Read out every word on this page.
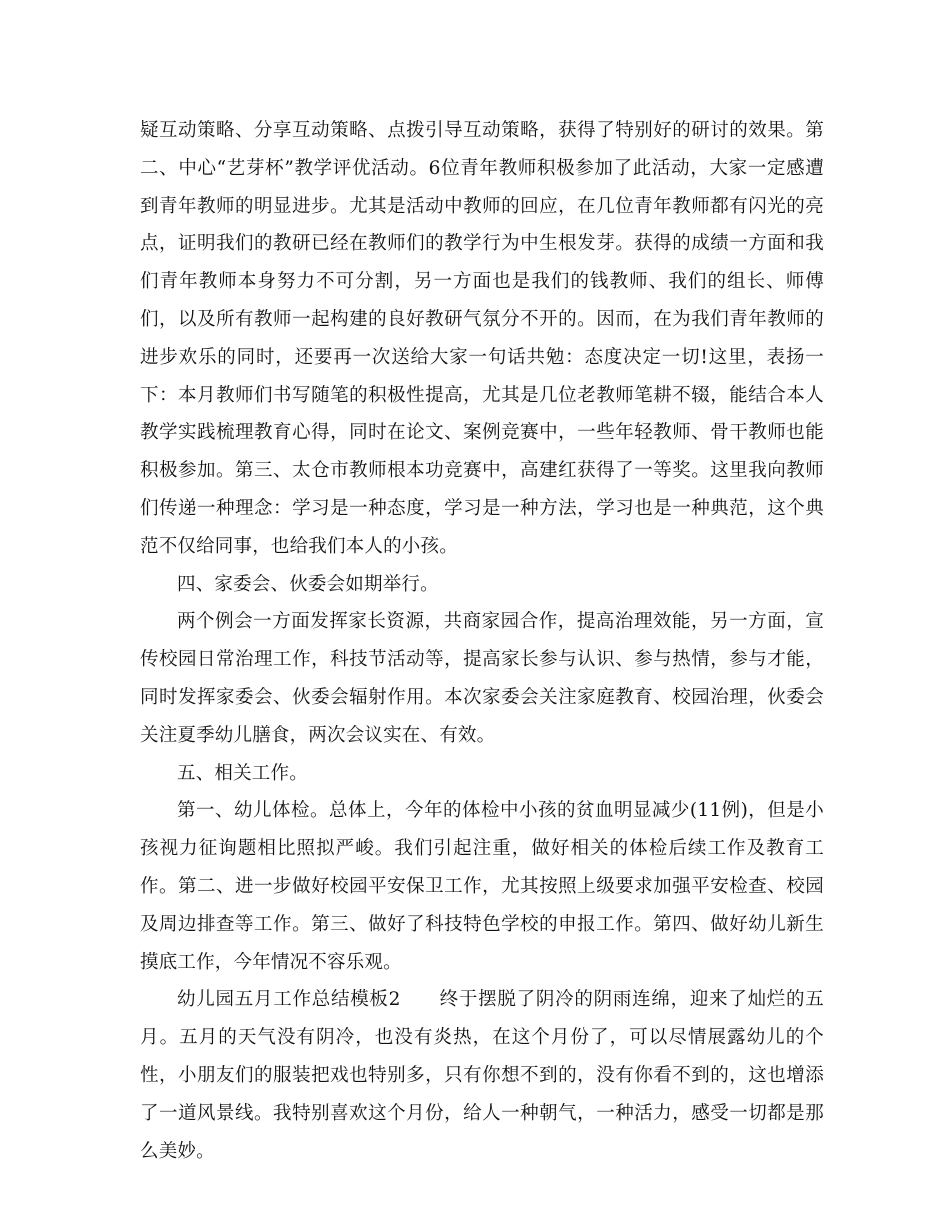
疑互动策略、分享互动策略、点拨引导互动策略，获得了特别好的研讨的效果。第二、中心“艺芽杯”教学评优活动。6位青年教师积极参加了此活动，大家一定感遭到青年教师的明显进步。尤其是活动中教师的回应，在几位青年教师都有闪光的亮点，证明我们的教研已经在教师们的教学行为中生根发芽。获得的成绩一方面和我们青年教师本身努力不可分割，另一方面也是我们的钱教师、我们的组长、师傅们，以及所有教师一起构建的良好教研气氛分不开的。因而，在为我们青年教师的进步欢乐的同时，还要再一次送给大家一句话共勉：态度决定一切!这里，表扬一下：本月教师们书写随笔的积极性提高，尤其是几位老教师笔耕不辍，能结合本人教学实践梳理教育心得，同时在论文、案例竞赛中，一些年轻教师、骨干教师也能积极参加。第三、太仓市教师根本功竞赛中，高建红获得了一等奖。这里我向教师们传递一种理念：学习是一种态度，学习是一种方法，学习也是一种典范，这个典范不仅给同事，也给我们本人的小孩。

四、家委会、伙委会如期举行。

两个例会一方面发挥家长资源，共商家园合作，提高治理效能，另一方面，宣传校园日常治理工作，科技节活动等，提高家长参与认识、参与热情，参与才能，同时发挥家委会、伙委会辐射作用。本次家委会关注家庭教育、校园治理，伙委会关注夏季幼儿膳食，两次会议实在、有效。

五、相关工作。

第一、幼儿体检。总体上，今年的体检中小孩的贫血明显减少(11例)，但是小孩视力征询题相比照拟严峻。我们引起注重，做好相关的体检后续工作及教育工作。第二、进一步做好校园平安保卫工作，尤其按照上级要求加强平安检查、校园及周边排查等工作。第三、做好了科技特色学校的申报工作。第四、做好幼儿新生摸底工作，今年情况不容乐观。

幼儿园五月工作总结模板2　　终于摆脱了阴冷的阴雨连绵，迎来了灿烂的五月。五月的天气没有阴冷，也没有炎热，在这个月份了，可以尽情展露幼儿的个性，小朋友们的服装把戏也特别多，只有你想不到的，没有你看不到的，这也增添了一道风景线。我特别喜欢这个月份，给人一种朝气，一种活力，感受一切都是那么美妙。
